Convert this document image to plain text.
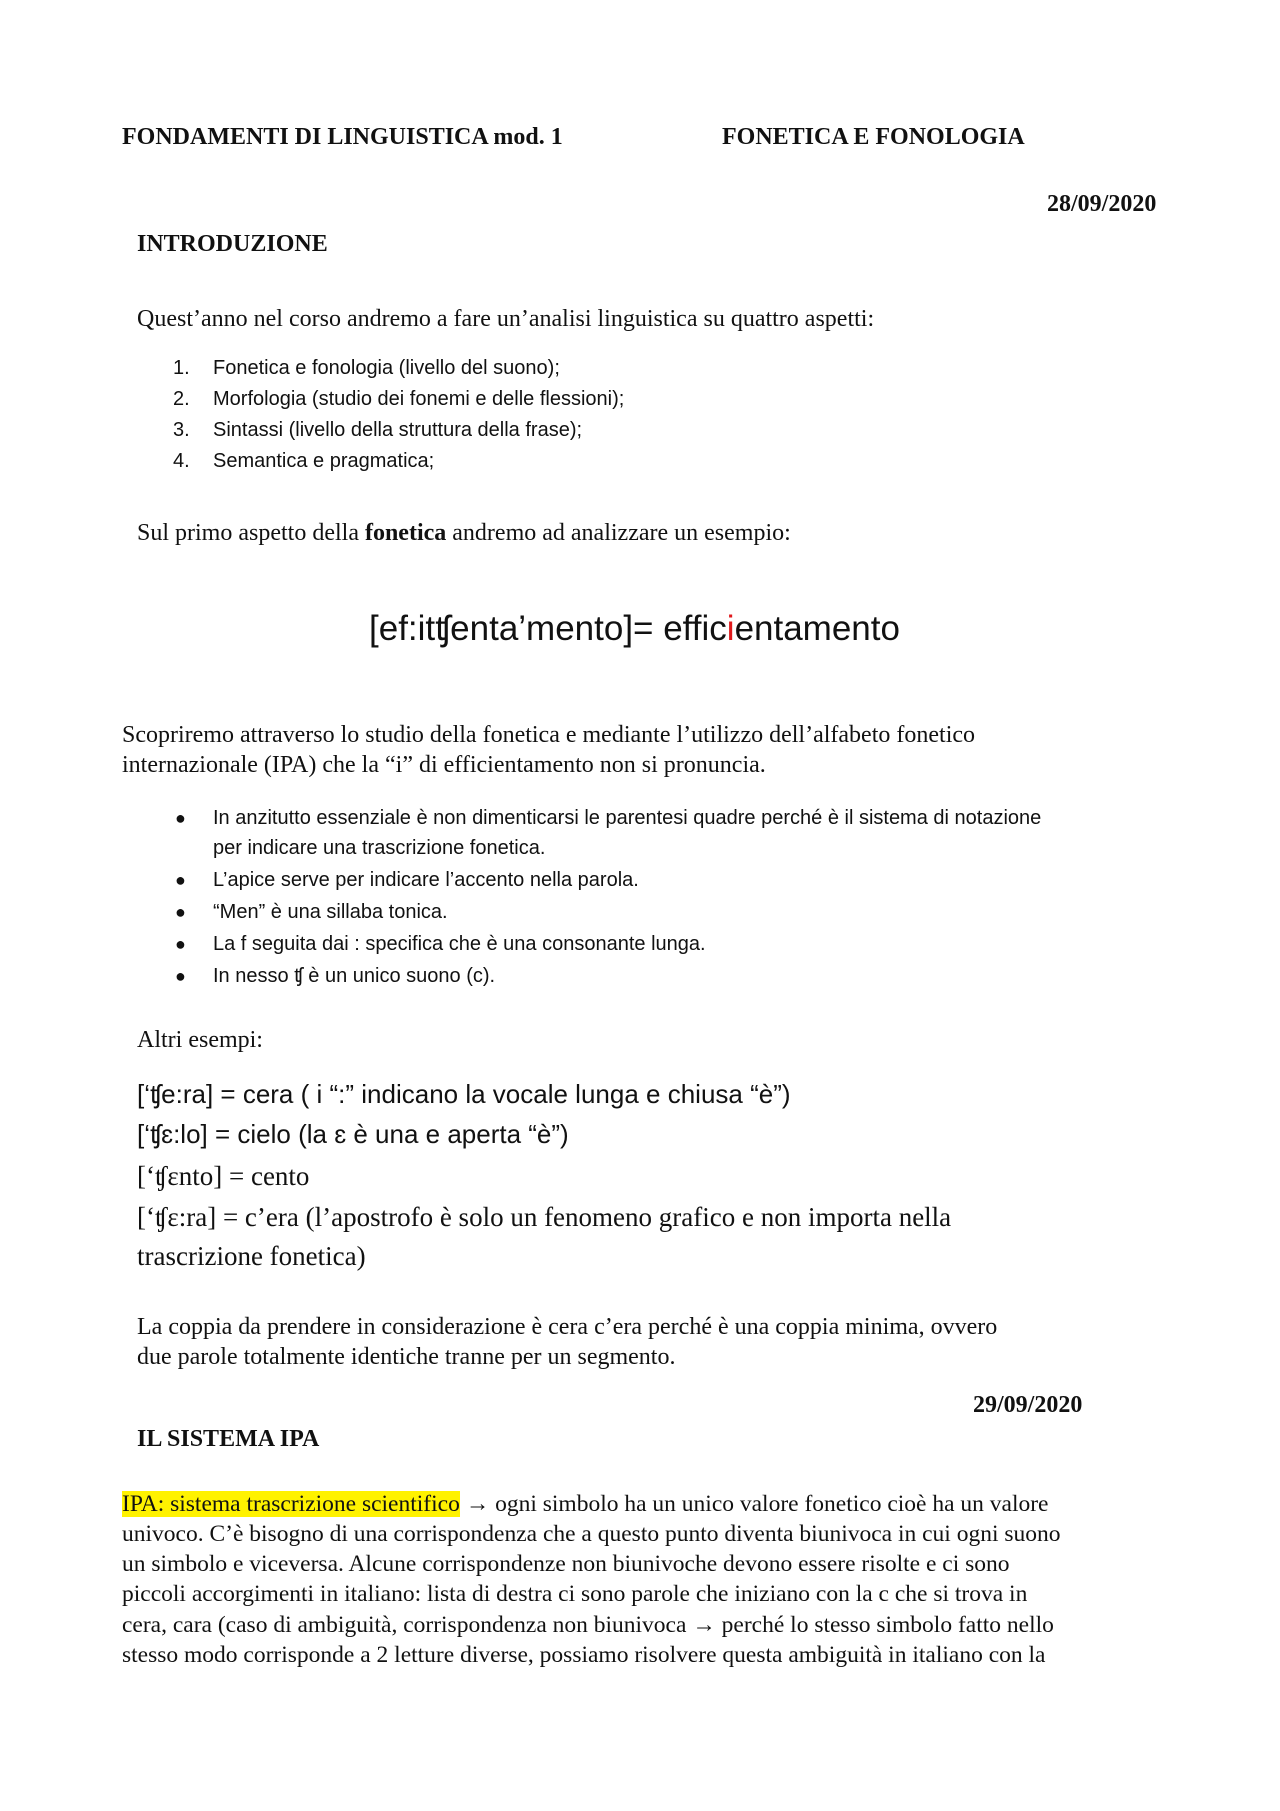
FONDAMENTI DI LINGUISTICA mod. 1	FONETICA E FONOLOGIA
28/09/2020
INTRODUZIONE
Quest’anno nel corso andremo a fare un’analisi linguistica su quattro aspetti:
1. Fonetica e fonologia (livello del suono);
2. Morfologia (studio dei fonemi e delle flessioni);
3. Sintassi (livello della struttura della frase);
4. Semantica e pragmatica;
Sul primo aspetto della fonetica andremo ad analizzare un esempio:
[ef:itʧenta’mento]= efficientamento
Scopriremo attraverso lo studio della fonetica e mediante l’utilizzo dell’alfabeto fonetico
internazionale (IPA) che la “i” di efficientamento non si pronuncia.
● In anzitutto essenziale è non dimenticarsi le parentesi quadre perché è il sistema di notazione
per indicare una trascrizione fonetica.
● L’apice serve per indicare l’accento nella parola.
● “Men” è una sillaba tonica.
● La f seguita dai : specifica che è una consonante lunga.
● In nesso ʧ è un unico suono (c).
Altri esempi:
[‘ʧe:ra] = cera ( i “:” indicano la vocale lunga e chiusa “è”)
[‘ʧɛ:lo] = cielo (la ɛ è una e aperta “è”)
[‘ʧɛnto] = cento
[‘ʧɛ:ra] = c’era (l’apostrofo è solo un fenomeno grafico e non importa nella
trascrizione fonetica)
La coppia da prendere in considerazione è cera c’era perché è una coppia minima, ovvero
due parole totalmente identiche tranne per un segmento.
29/09/2020
IL SISTEMA IPA
IPA: sistema trascrizione scientifico → ogni simbolo ha un unico valore fonetico cioè ha un valore
univoco. C’è bisogno di una corrispondenza che a questo punto diventa biunivoca in cui ogni suono
un simbolo e viceversa. Alcune corrispondenze non biunivoche devono essere risolte e ci sono
piccoli accorgimenti in italiano: lista di destra ci sono parole che iniziano con la c che si trova in
cera, cara (caso di ambiguità, corrispondenza non biunivoca → perché lo stesso simbolo fatto nello
stesso modo corrisponde a 2 letture diverse, possiamo risolvere questa ambiguità in italiano con la
